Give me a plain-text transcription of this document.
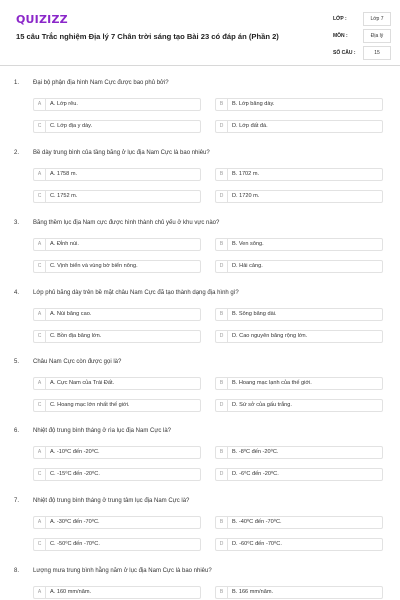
QUIZIZZ
15 câu Trắc nghiệm Địa lý 7 Chân trời sáng tạo Bài 23 có đáp án (Phần 2)
LỚP :	Lớp 7
MÔN :	Địa lý
SỐ CÂU :	15
1. Đại bộ phận địa hình Nam Cực được bao phủ bởi?
A	A. Lớp rêu.	B	B. Lớp băng dày.
C	C. Lớp địa y dày.	D	D. Lớp đất đá.
2. Bề dày trung bình của tầng băng ở lục địa Nam Cực là bao nhiêu?
A	A. 1758 m.	B	B. 1702 m.
C	C. 1752 m.	D	D. 1720 m.
3. Băng thềm lục địa Nam cực được hình thành chủ yếu ở khu vực nào?
A	A. Đỉnh núi.	B	B. Ven sông.
C	C. Vịnh biển và vùng bờ biển nông.	D	D. Hải cảng.
4. Lớp phủ băng dày trên bề mặt châu Nam Cực đã tạo thành dạng địa hình gì?
A	A. Núi băng cao.	B	B. Sông băng dài.
C	C. Bồn địa băng lớn.	D	D. Cao nguyên băng rộng lớn.
5. Châu Nam Cực còn được gọi là?
A	A. Cực Nam của Trái Đất.	B	B. Hoang mạc lạnh của thế giới.
C	C. Hoang mạc lớn nhất thế giới.	D	D. Sứ sở của gấu trắng.
6. Nhiệt độ trung bình tháng ở rìa lục địa Nam Cực là?
A	A. -10⁰C đến -20⁰C.	B	B. -8⁰C đến -20⁰C.
C	C. -15⁰C đến -20⁰C.	D	D. -6⁰C đến -20⁰C.
7. Nhiệt độ trung bình tháng ở trung tâm lục địa Nam Cực là?
A	A. -30⁰C đến -70⁰C.	B	B. -40⁰C đến -70⁰C.
C	C. -50⁰C đến -70⁰C.	D	D. -60⁰C đến -70⁰C.
8. Lượng mưa trung bình hằng năm ở lục địa Nam Cực là bao nhiêu?
A	A. 160 mm/năm.	B	B. 166 mm/năm.
